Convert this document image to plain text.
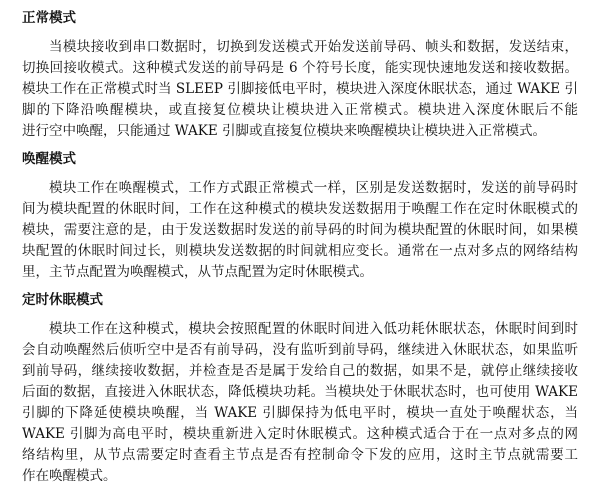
正常模式
当模块接收到串口数据时，切换到发送模式开始发送前导码、帧头和数据，发送结束，
切换回接收模式。这种模式发送的前导码是 6 个符号长度，能实现快速地发送和接收数据。
模块工作在正常模式时当 SLEEP 引脚接低电平时，模块进入深度休眠状态，通过 WAKE 引
脚的下降沿唤醒模块，或直接复位模块让模块进入正常模式。模块进入深度休眠后不能
进行空中唤醒，只能通过 WAKE 引脚或直接复位模块来唤醒模块让模块进入正常模式。
唤醒模式
模块工作在唤醒模式，工作方式跟正常模式一样，区别是发送数据时，发送的前导码时
间为模块配置的休眠时间，工作在这种模式的模块发送数据用于唤醒工作在定时休眠模式的
模块，需要注意的是，由于发送数据时发送的前导码的时间为模块配置的休眠时间，如果模
块配置的休眠时间过长，则模块发送数据的时间就相应变长。通常在一点对多点的网络结构
里，主节点配置为唤醒模式，从节点配置为定时休眠模式。
定时休眠模式
模块工作在这种模式，模块会按照配置的休眠时间进入低功耗休眠状态，休眠时间到时
会自动唤醒然后侦听空中是否有前导码，没有监听到前导码，继续进入休眠状态，如果监听
到前导码，继续接收数据，并检查是否是属于发给自己的数据，如果不是，就停止继续接收
后面的数据，直接进入休眠状态，降低模块功耗。当模块处于休眠状态时，也可使用 WAKE
引脚的下降延使模块唤醒，当 WAKE 引脚保持为低电平时，模块一直处于唤醒状态，当
WAKE 引脚为高电平时，模块重新进入定时休眠模式。这种模式适合于在一点对多点的网
络结构里，从节点需要定时查看主节点是否有控制命令下发的应用，这时主节点就需要工
作在唤醒模式。
